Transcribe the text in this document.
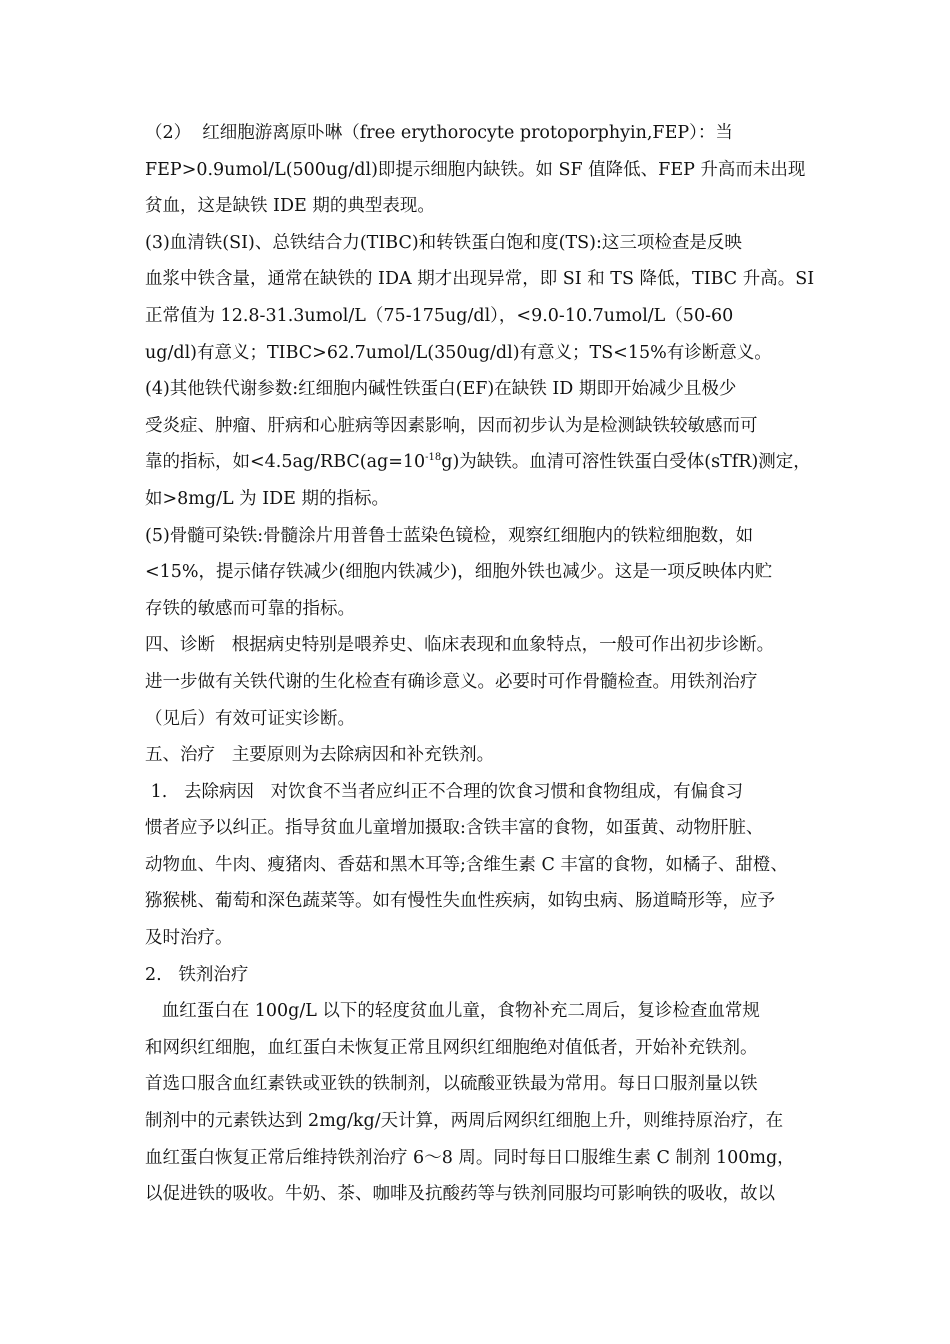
（2）  红细胞游离原卟啉（free erythorocyte protoporphyin,FEP）：当
FEP>0.9umol/L(500ug/dl)即提示细胞内缺铁。如 SF 值降低、FEP 升高而未出现
贫血，这是缺铁 IDE 期的典型表现。
(3)血清铁(SI)、总铁结合力(TIBC)和转铁蛋白饱和度(TS):这三项检查是反映
血浆中铁含量，通常在缺铁的 IDA 期才出现异常，即 SI 和 TS 降低，TIBC 升高。SI
正常值为 12.8-31.3umol/L（75-175ug/dl），<9.0-10.7umol/L（50-60
ug/dl)有意义；TIBC>62.7umol/L(350ug/dl)有意义；TS<15%有诊断意义。
(4)其他铁代谢参数:红细胞内碱性铁蛋白(EF)在缺铁 ID 期即开始减少且极少
受炎症、肿瘤、肝病和心脏病等因素影响，因而初步认为是检测缺铁较敏感而可
靠的指标，如$<4.5ag/RBC(ag=10^{-18}g)$为缺铁。血清可溶性铁蛋白受体(sTfR)测定，
如>8mg/L 为 IDE 期的指标。
(5)骨髓可染铁:骨髓涂片用普鲁士蓝染色镜检，观察红细胞内的铁粒细胞数，如
<15%，提示储存铁减少(细胞内铁减少)，细胞外铁也减少。这是一项反映体内贮
存铁的敏感而可靠的指标。
四、诊断   根据病史特别是喂养史、临床表现和血象特点，一般可作出初步诊断。
进一步做有关铁代谢的生化检查有确诊意义。必要时可作骨髓检查。用铁剂治疗
（见后）有效可证实诊断。
五、治疗   主要原则为去除病因和补充铁剂。
1.   去除病因   对饮食不当者应纠正不合理的饮食习惯和食物组成，有偏食习
惯者应予以纠正。指导贫血儿童增加摄取:含铁丰富的食物，如蛋黄、动物肝脏、
动物血、牛肉、瘦猪肉、香菇和黑木耳等;含维生素 C 丰富的食物，如橘子、甜橙、
猕猴桃、葡萄和深色蔬菜等。如有慢性失血性疾病，如钩虫病、肠道畸形等，应予
及时治疗。
2.   铁剂治疗
血红蛋白在 100g/L 以下的轻度贫血儿童，食物补充二周后，复诊检查血常规
和网织红细胞，血红蛋白未恢复正常且网织红细胞绝对值低者，开始补充铁剂。
首选口服含血红素铁或亚铁的铁制剂，以硫酸亚铁最为常用。每日口服剂量以铁
制剂中的元素铁达到 2mg/kg/天计算，两周后网织红细胞上升，则维持原治疗，在
血红蛋白恢复正常后维持铁剂治疗 6～8 周。同时每日口服维生素 C 制剂 100mg，
以促进铁的吸收。牛奶、茶、咖啡及抗酸药等与铁剂同服均可影响铁的吸收，故以
